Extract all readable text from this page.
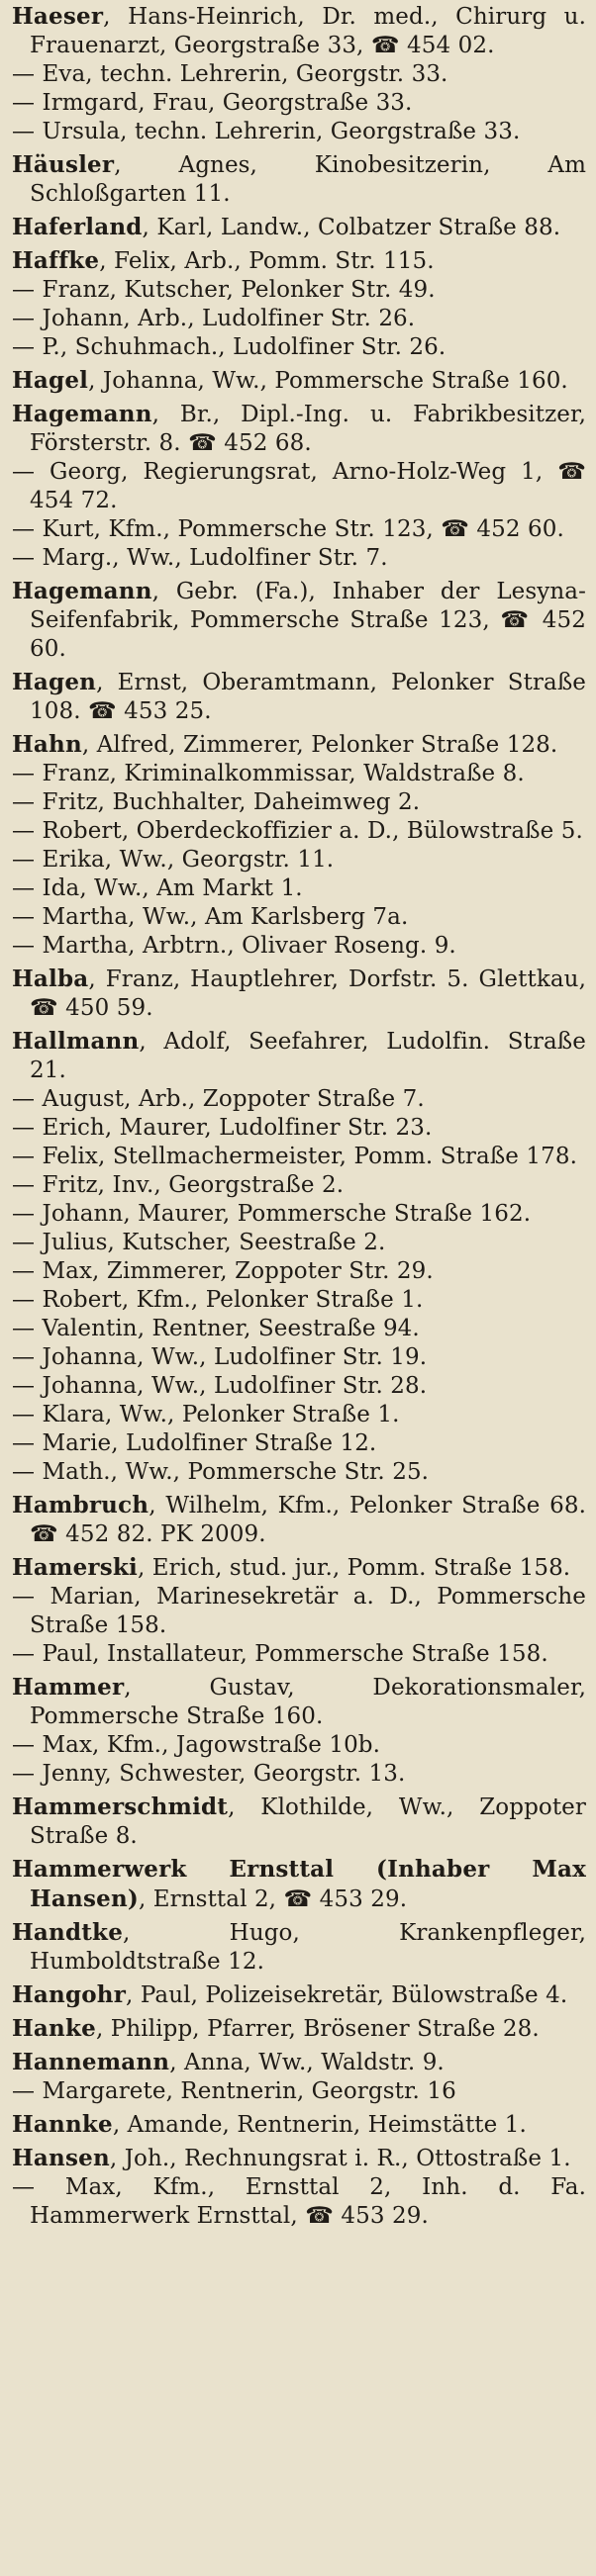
Haeser, Hans-Heinrich, Dr. med., Chirurg u. Frauenarzt, Georgstraße 33, ☎ 454 02.

— Eva, techn. Lehrerin, Georgstr. 33.

— Irmgard, Frau, Georgstraße 33.

— Ursula, techn. Lehrerin, Georgstraße 33.

Häusler, Agnes, Kinobesitzerin, Am Schloßgarten 11.

Haferland, Karl, Landw., Colbatzer Straße 88.

Haffke, Felix, Arb., Pomm. Str. 115.

— Franz, Kutscher, Pelonker Str. 49.

— Johann, Arb., Ludolfiner Str. 26.

— P., Schuhmach., Ludolfiner Str. 26.

Hagel, Johanna, Ww., Pommersche Straße 160.

Hagemann, Br., Dipl.-Ing. u. Fabrikbesitzer, Försterstr. 8. ☎ 452 68.

— Georg, Regierungsrat, Arno-Holz-Weg 1, ☎ 454 72.

— Kurt, Kfm., Pommersche Str. 123, ☎ 452 60.

— Marg., Ww., Ludolfiner Str. 7.

Hagemann, Gebr. (Fa.), Inhaber der Lesyna-Seifenfabrik, Pommersche Straße 123, ☎ 452 60.

Hagen, Ernst, Oberamtmann, Pelonker Straße 108. ☎ 453 25.

Hahn, Alfred, Zimmerer, Pelonker Straße 128.

— Franz, Kriminalkommissar, Waldstraße 8.

— Fritz, Buchhalter, Daheimweg 2.

— Robert, Oberdeckoffizier a. D., Bülowstraße 5.

— Erika, Ww., Georgstr. 11.

— Ida, Ww., Am Markt 1.

— Martha, Ww., Am Karlsberg 7a.

— Martha, Arbtrn., Olivaer Roseng. 9.

Halba, Franz, Hauptlehrer, Dorfstr. 5. Glettkau, ☎ 450 59.

Hallmann, Adolf, Seefahrer, Ludolfin. Straße 21.

— August, Arb., Zoppoter Straße 7.

— Erich, Maurer, Ludolfiner Str. 23.

— Felix, Stellmachermeister, Pomm. Straße 178.

— Fritz, Inv., Georgstraße 2.

— Johann, Maurer, Pommersche Straße 162.

— Julius, Kutscher, Seestraße 2.

— Max, Zimmerer, Zoppoter Str. 29.

— Robert, Kfm., Pelonker Straße 1.

— Valentin, Rentner, Seestraße 94.

— Johanna, Ww., Ludolfiner Str. 19.

— Johanna, Ww., Ludolfiner Str. 28.

— Klara, Ww., Pelonker Straße 1.

— Marie, Ludolfiner Straße 12.

— Math., Ww., Pommersche Str. 25.

Hambruch, Wilhelm, Kfm., Pelonker Straße 68. ☎ 452 82. PK 2009.

Hamerski, Erich, stud. jur., Pomm. Straße 158.

— Marian, Marinesekretär a. D., Pommersche Straße 158.

— Paul, Installateur, Pommersche Straße 158.

Hammer, Gustav, Dekorationsmaler, Pommersche Straße 160.

— Max, Kfm., Jagowstraße 10b.

— Jenny, Schwester, Georgstr. 13.

Hammerschmidt, Klothilde, Ww., Zoppoter Straße 8.

Hammerwerk Ernsttal (Inhaber Max Hansen), Ernsttal 2, ☎ 453 29.

Handtke, Hugo, Krankenpfleger, Humboldtstraße 12.

Hangohr, Paul, Polizeisekretär, Bülowstraße 4.

Hanke, Philipp, Pfarrer, Brösener Straße 28.

Hannemann, Anna, Ww., Waldstr. 9.

— Margarete, Rentnerin, Georgstr. 16

Hannke, Amande, Rentnerin, Heimstätte 1.

Hansen, Joh., Rechnungsrat i. R., Ottostraße 1.

— Max, Kfm., Ernsttal 2, Inh. d. Fa. Hammerwerk Ernsttal, ☎ 453 29.
